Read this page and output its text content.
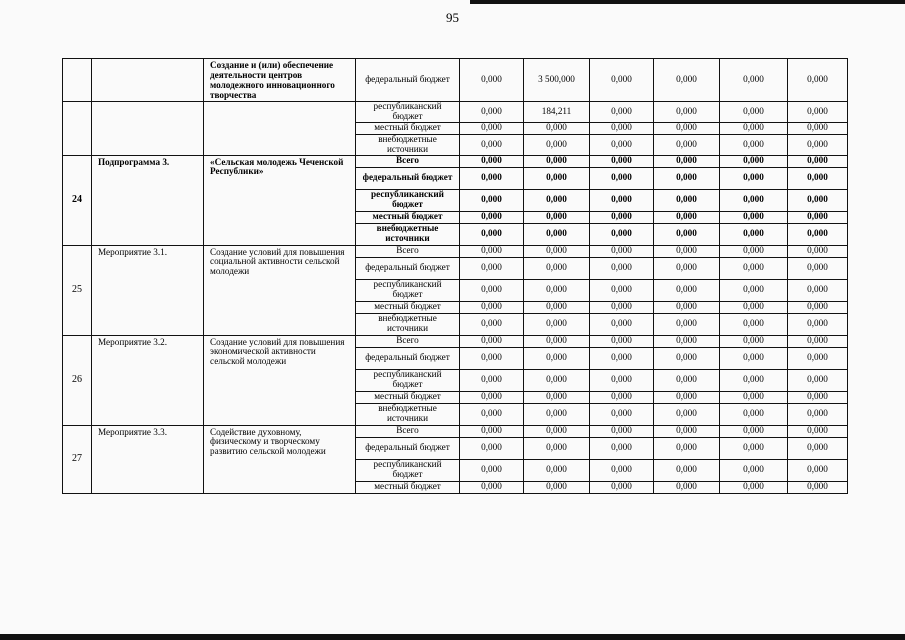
95
		Создание и (или) обеспечение деятельности центров молодежного инновационного творчества	федеральный бюджет	0,000	3 500,000	0,000	0,000	0,000	0,000
			республиканский бюджет	0,000	184,211	0,000	0,000	0,000	0,000
			местный бюджет	0,000	0,000	0,000	0,000	0,000	0,000
			внебюджетные источники	0,000	0,000	0,000	0,000	0,000	0,000
24	Подпрограмма 3.	«Сельская молодежь Чеченской Республики»	Всего	0,000	0,000	0,000	0,000	0,000	0,000
			федеральный бюджет	0,000	0,000	0,000	0,000	0,000	0,000
			республиканский бюджет	0,000	0,000	0,000	0,000	0,000	0,000
			местный бюджет	0,000	0,000	0,000	0,000	0,000	0,000
			внебюджетные источники	0,000	0,000	0,000	0,000	0,000	0,000
25	Мероприятие 3.1.	Создание условий для повышения социальной активности сельской молодежи	Всего	0,000	0,000	0,000	0,000	0,000	0,000
			федеральный бюджет	0,000	0,000	0,000	0,000	0,000	0,000
			республиканский бюджет	0,000	0,000	0,000	0,000	0,000	0,000
			местный бюджет	0,000	0,000	0,000	0,000	0,000	0,000
			внебюджетные источники	0,000	0,000	0,000	0,000	0,000	0,000
26	Мероприятие 3.2.	Создание условий для повышения экономической активности сельской молодежи	Всего	0,000	0,000	0,000	0,000	0,000	0,000
			федеральный бюджет	0,000	0,000	0,000	0,000	0,000	0,000
			республиканский бюджет	0,000	0,000	0,000	0,000	0,000	0,000
			местный бюджет	0,000	0,000	0,000	0,000	0,000	0,000
			внебюджетные источники	0,000	0,000	0,000	0,000	0,000	0,000
27	Мероприятие 3.3.	Содействие духовному, физическому и творческому развитию сельской молодежи	Всего	0,000	0,000	0,000	0,000	0,000	0,000
			федеральный бюджет	0,000	0,000	0,000	0,000	0,000	0,000
			республиканский бюджет	0,000	0,000	0,000	0,000	0,000	0,000
			местный бюджет	0,000	0,000	0,000	0,000	0,000	0,000
